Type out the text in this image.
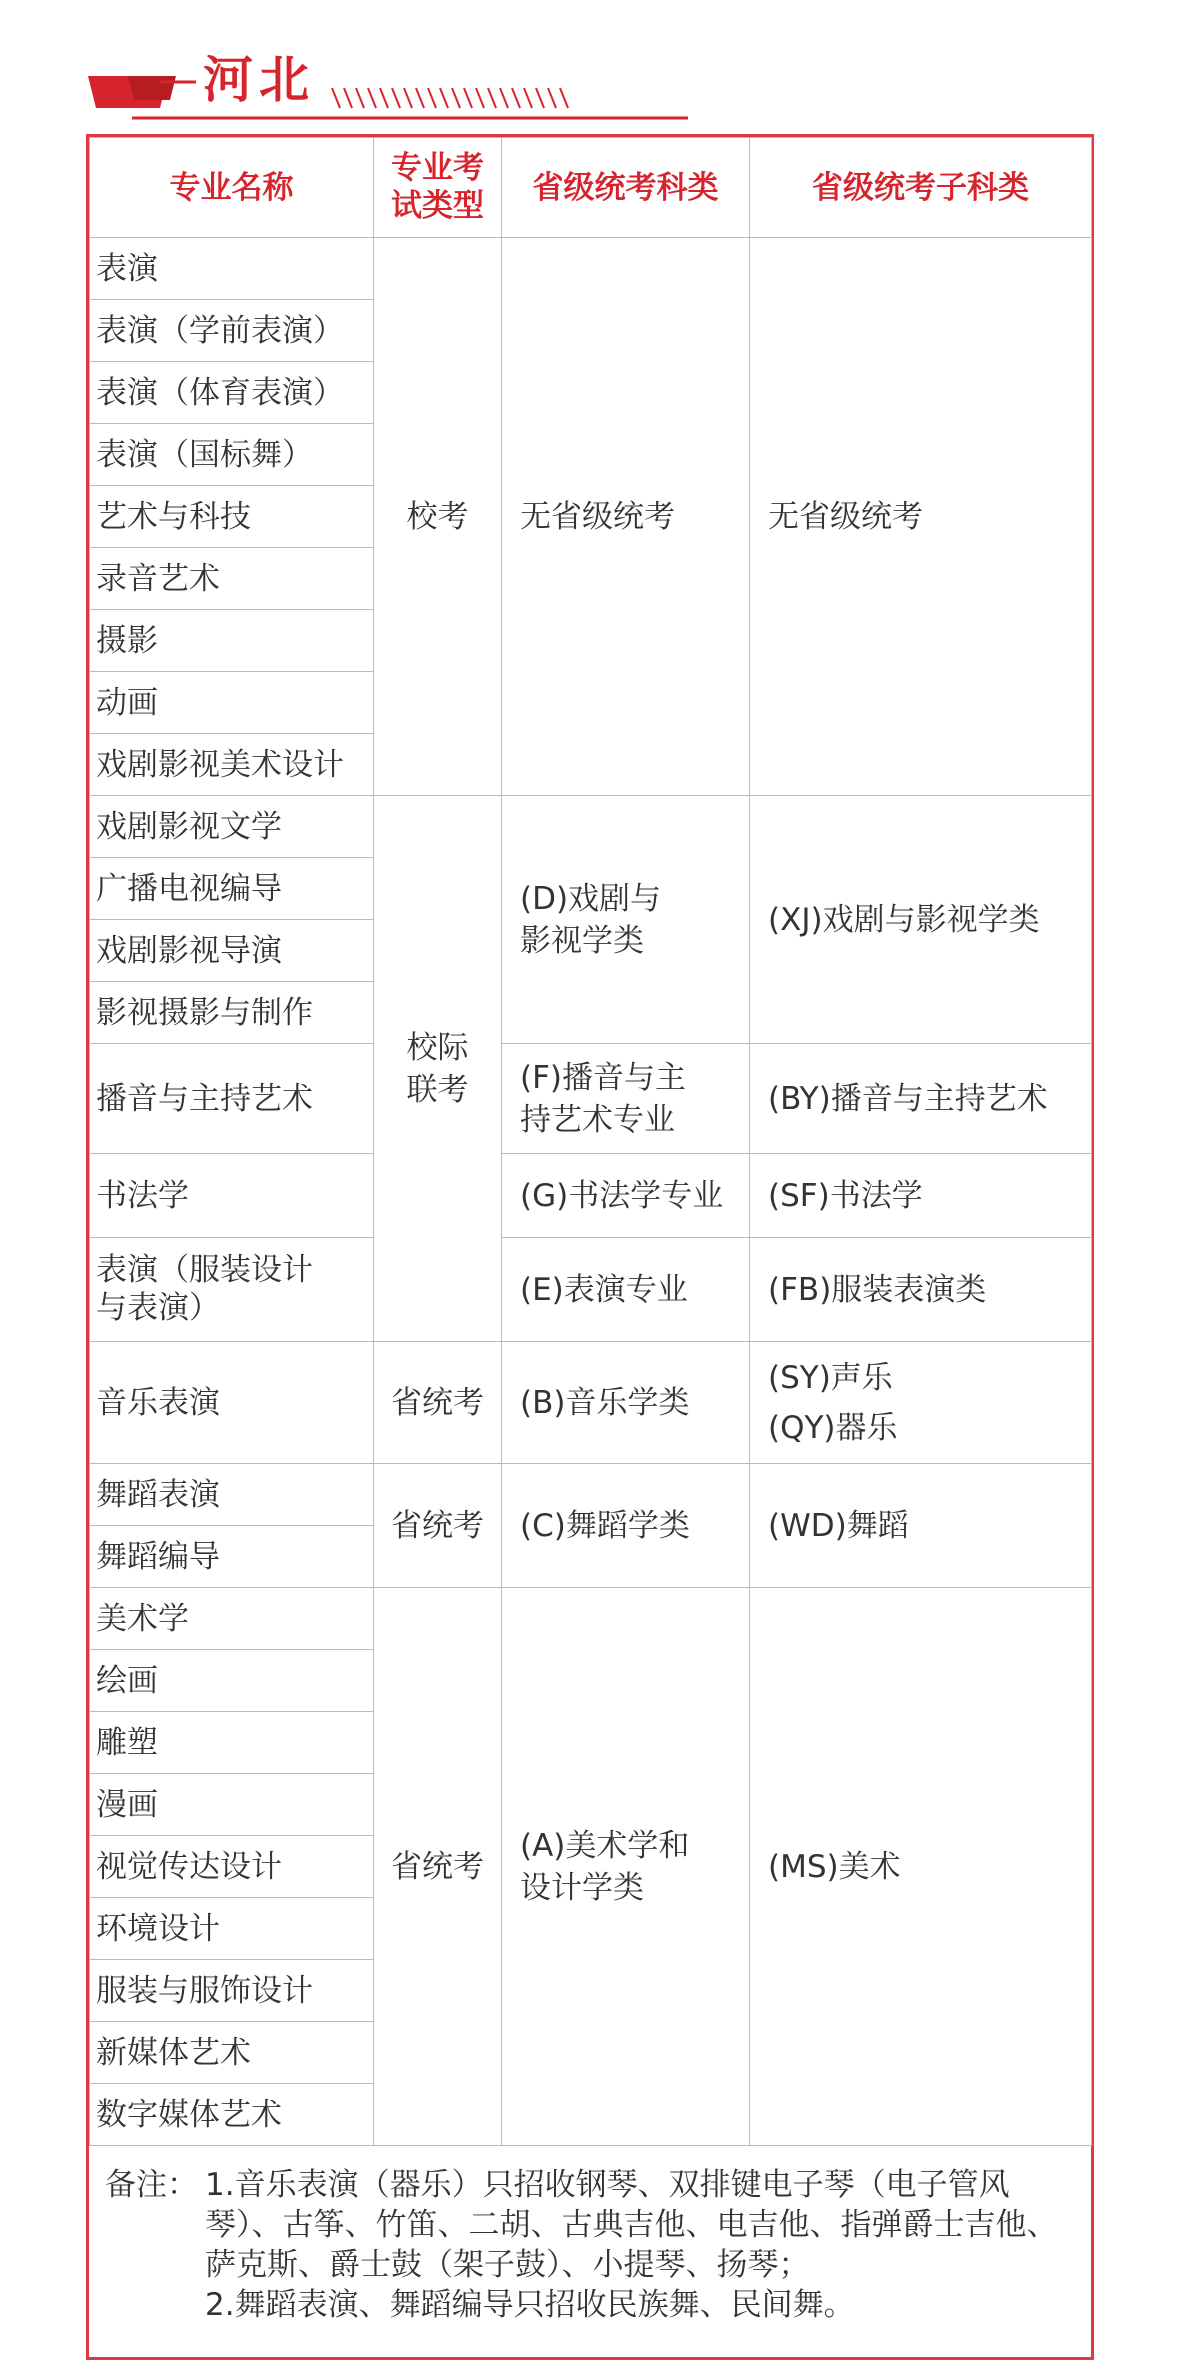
河北
专业名称	专业考试类型	省级统考科类	省级统考子科类
表演	校考	无省级统考	无省级统考
表演（学前表演）			
表演（体育表演）			
表演（国标舞）			
艺术与科技			
录音艺术			
摄影			
动画			
戏剧影视美术设计			
戏剧影视文学	校际联考	(D)戏剧与影视学类	(XJ)戏剧与影视学类
广播电视编导			
戏剧影视导演			
影视摄影与制作			
播音与主持艺术		(F)播音与主持艺术专业	(BY)播音与主持艺术
书法学		(G)书法学专业	(SF)书法学
表演（服装设计与表演）		(E)表演专业	(FB)服装表演类
音乐表演	省统考	(B)音乐学类	(SY)声乐
(QY)器乐
舞蹈表演	省统考	(C)舞蹈学类	(WD)舞蹈
舞蹈编导			
美术学	省统考	(A)美术学和设计学类	(MS)美术
绘画			
雕塑			
漫画			
视觉传达设计			
环境设计			
服装与服饰设计			
新媒体艺术			
数字媒体艺术			
备注： 1.音乐表演（器乐）只招收钢琴、双排键电子琴（电子管风琴）、古筝、竹笛、二胡、古典吉他、电吉他、指弹爵士吉他、萨克斯、爵士鼓（架子鼓）、小提琴、扬琴；
2.舞蹈表演、舞蹈编导只招收民族舞、民间舞。
